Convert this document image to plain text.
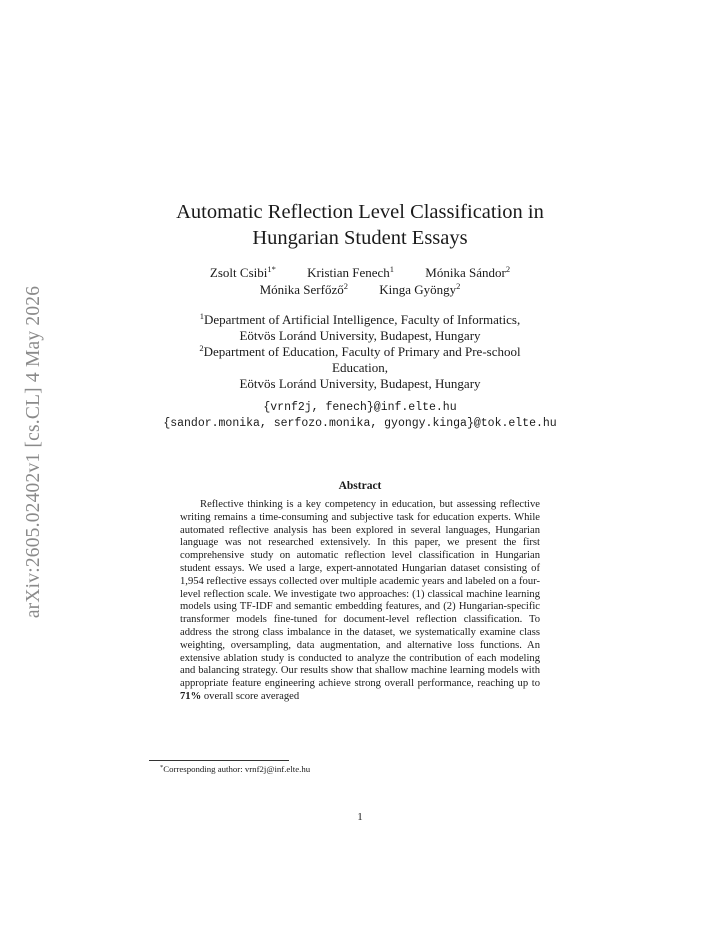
arXiv:2605.02402v1 [cs.CL] 4 May 2026
Automatic Reflection Level Classification in
Hungarian Student Essays
Zsolt Csibi$^{1*}$ Kristian Fenech$^1$ Mónika Sándor$^2$
Mónika Serfőző$^2$ Kinga Gyöngy$^2$
$^1$Department of Artificial Intelligence, Faculty of Informatics,
Eötvös Loránd University, Budapest, Hungary
$^2$Department of Education, Faculty of Primary and Pre-school
Education,
Eötvös Loránd University, Budapest, Hungary
{vrnf2j, fenech}@inf.elte.hu
{sandor.monika, serfozo.monika, gyongy.kinga}@tok.elte.hu
Abstract
Reflective thinking is a key competency in education, but assessing reflective writing remains a time-consuming and subjective task for education experts. While automated reflective analysis has been explored in several languages, Hungarian language was not researched extensively. In this paper, we present the first comprehensive study on automatic reflection level classification in Hungarian student essays. We used a large, expert-annotated Hungarian dataset consisting of 1,954 reflective essays collected over multiple academic years and labeled on a four-level reflection scale. We investigate two approaches: (1) classical machine learning models using TF-IDF and semantic embedding features, and (2) Hungarian-specific transformer models fine-tuned for document-level reflection classification. To address the strong class imbalance in the dataset, we systematically examine class weighting, oversampling, data augmentation, and alternative loss functions. An extensive ablation study is conducted to analyze the contribution of each modeling and balancing strategy. Our results show that shallow machine learning models with appropriate feature engineering achieve strong overall performance, reaching up to 71% overall score averaged
*Corresponding author: vrnf2j@inf.elte.hu
1
